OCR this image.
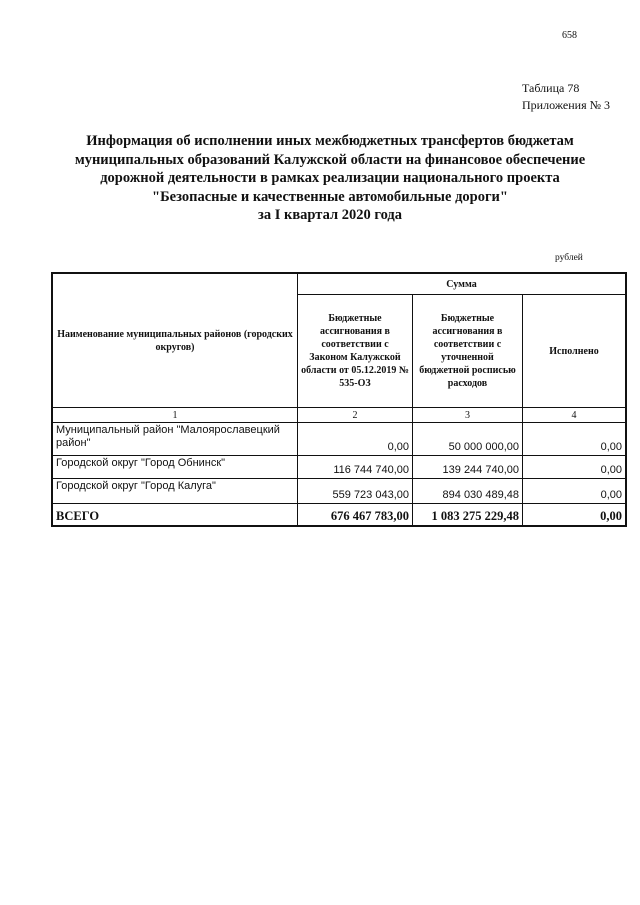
658
Таблица 78
Приложения № 3
Информация об исполнении иных межбюджетных трансфертов бюджетам
муниципальных образований Калужской области на финансовое обеспечение
дорожной деятельности в рамках реализации национального проекта
"Безопасные и качественные автомобильные дороги"
за I квартал 2020 года
рублей
Наименование муниципальных районов (городских округов)	Сумма		
	Бюджетные ассигнования в соответствии с Законом Калужской области от 05.12.2019 № 535-ОЗ	Бюджетные ассигнования в соответствии с уточненной бюджетной росписью расходов	Исполнено
1	2	3	4
Муниципальный район "Малоярославецкий район"	0,00	50 000 000,00	0,00
Городской округ "Город Обнинск"	116 744 740,00	139 244 740,00	0,00
Городской округ "Город Калуга"	559 723 043,00	894 030 489,48	0,00
ВСЕГО	676 467 783,00	1 083 275 229,48	0,00
